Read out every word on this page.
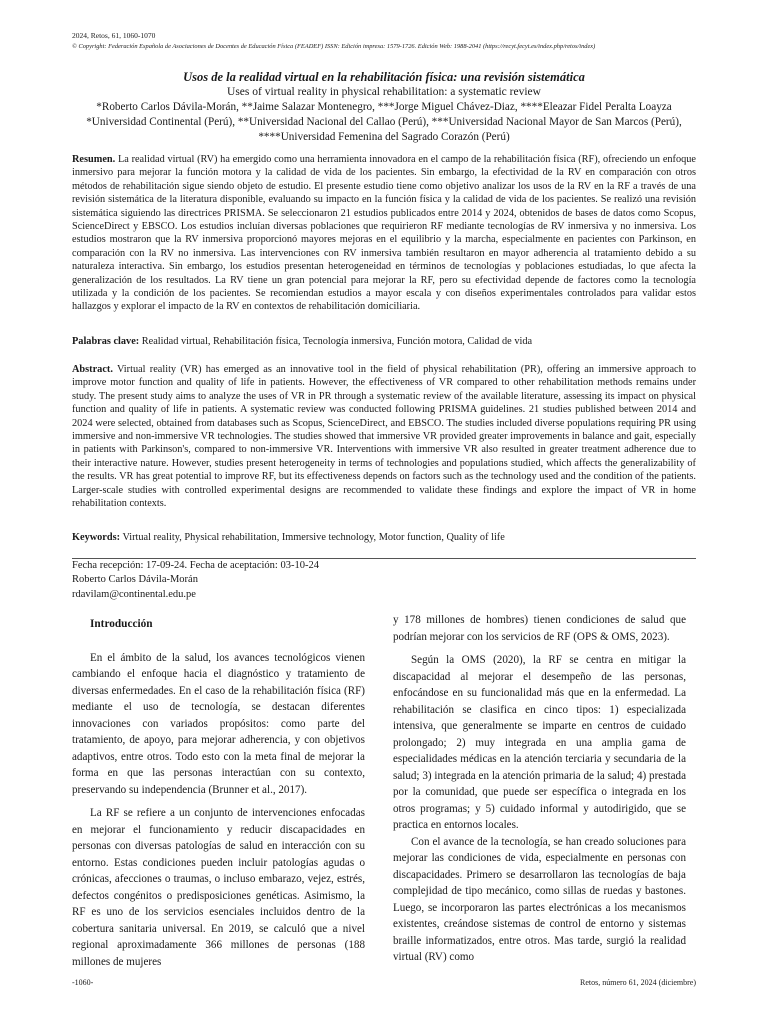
2024, Retos, 61, 1060-1070
© Copyright: Federación Española de Asociaciones de Docentes de Educación Física (FEADEF) ISSN: Edición impresa: 1579-1726. Edición Web: 1988-2041 (https://recyt.fecyt.es/index.php/retos/index)
Usos de la realidad virtual en la rehabilitación física: una revisión sistemática
Uses of virtual reality in physical rehabilitation: a systematic review
*Roberto Carlos Dávila-Morán, **Jaime Salazar Montenegro, ***Jorge Miguel Chávez-Diaz, ****Eleazar Fidel Peralta Loayza
*Universidad Continental (Perú), **Universidad Nacional del Callao (Perú), ***Universidad Nacional Mayor de San Marcos (Perú),
****Universidad Femenina del Sagrado Corazón (Perú)
Resumen. La realidad virtual (RV) ha emergido como una herramienta innovadora en el campo de la rehabilitación física (RF), ofreciendo un enfoque inmersivo para mejorar la función motora y la calidad de vida de los pacientes. Sin embargo, la efectividad de la RV en comparación con otros métodos de rehabilitación sigue siendo objeto de estudio. El presente estudio tiene como objetivo analizar los usos de la RV en la RF a través de una revisión sistemática de la literatura disponible, evaluando su impacto en la función física y la calidad de vida de los pacientes. Se realizó una revisión sistemática siguiendo las directrices PRISMA. Se seleccionaron 21 estudios publicados entre 2014 y 2024, obtenidos de bases de datos como Scopus, ScienceDirect y EBSCO. Los estudios incluían diversas poblaciones que requirieron RF mediante tecnologías de RV inmersiva y no inmersiva. Los estudios mostraron que la RV inmersiva proporcionó mayores mejoras en el equilibrio y la marcha, especialmente en pacientes con Parkinson, en comparación con la RV no inmersiva. Las intervenciones con RV inmersiva también resultaron en mayor adherencia al tratamiento debido a su naturaleza interactiva. Sin embargo, los estudios presentan heterogeneidad en términos de tecnologías y poblaciones estudiadas, lo que afecta la generalización de los resultados. La RV tiene un gran potencial para mejorar la RF, pero su efectividad depende de factores como la tecnología utilizada y la condición de los pacientes. Se recomiendan estudios a mayor escala y con diseños experimentales controlados para validar estos hallazgos y explorar el impacto de la RV en contextos de rehabilitación domiciliaria.
Palabras clave: Realidad virtual, Rehabilitación física, Tecnología inmersiva, Función motora, Calidad de vida
Abstract. Virtual reality (VR) has emerged as an innovative tool in the field of physical rehabilitation (PR), offering an immersive approach to improve motor function and quality of life in patients. However, the effectiveness of VR compared to other rehabilitation methods remains under study. The present study aims to analyze the uses of VR in PR through a systematic review of the available literature, assessing its impact on physical function and quality of life in patients. A systematic review was conducted following PRISMA guidelines. 21 studies published between 2014 and 2024 were selected, obtained from databases such as Scopus, ScienceDirect, and EBSCO. The studies included diverse populations requiring PR using immersive and non-immersive VR technologies. The studies showed that immersive VR provided greater improvements in balance and gait, especially in patients with Parkinson's, compared to non-immersive VR. Interventions with immersive VR also resulted in greater treatment adherence due to their interactive nature. However, studies present heterogeneity in terms of technologies and populations studied, which affects the generalizability of the results. VR has great potential to improve RF, but its effectiveness depends on factors such as the technology used and the condition of the patients. Larger-scale studies with controlled experimental designs are recommended to validate these findings and explore the impact of VR in home rehabilitation contexts.
Keywords: Virtual reality, Physical rehabilitation, Immersive technology, Motor function, Quality of life
Fecha recepción: 17-09-24. Fecha de aceptación: 03-10-24
Roberto Carlos Dávila-Morán
rdavilam@continental.edu.pe

Introducción

En el ámbito de la salud, los avances tecnológicos vienen cambiando el enfoque hacia el diagnóstico y tratamiento de diversas enfermedades. En el caso de la rehabilitación física (RF) mediante el uso de tecnología, se destacan diferentes innovaciones con variados propósitos: como parte del tratamiento, de apoyo, para mejorar adherencia, y con objetivos adaptivos, entre otros. Todo esto con la meta final de mejorar la forma en que las personas interactúan con su contexto, preservando su independencia (Brunner et al., 2017).

La RF se refiere a un conjunto de intervenciones enfocadas en mejorar el funcionamiento y reducir discapacidades en personas con diversas patologías de salud en interacción con su entorno. Estas condiciones pueden incluir patologías agudas o crónicas, afecciones o traumas, o incluso embarazo, vejez, estrés, defectos congénitos o predisposiciones genéticas. Asimismo, la RF es uno de los servicios esenciales incluidos dentro de la cobertura sanitaria universal. En 2019, se calculó que a nivel regional aproximadamente 366 millones de personas (188 millones de mujeres

y 178 millones de hombres) tienen condiciones de salud que podrían mejorar con los servicios de RF (OPS & OMS, 2023).

Según la OMS (2020), la RF se centra en mitigar la discapacidad al mejorar el desempeño de las personas, enfocándose en su funcionalidad más que en la enfermedad. La rehabilitación se clasifica en cinco tipos: 1) especializada intensiva, que generalmente se imparte en centros de cuidado prolongado; 2) muy integrada en una amplia gama de especialidades médicas en la atención terciaria y secundaria de la salud; 3) integrada en la atención primaria de la salud; 4) prestada por la comunidad, que puede ser específica o integrada en los otros programas; y 5) cuidado informal y autodirigido, que se practica en entornos locales.

Con el avance de la tecnología, se han creado soluciones para mejorar las condiciones de vida, especialmente en personas con discapacidades. Primero se desarrollaron las tecnologías de baja complejidad de tipo mecánico, como sillas de ruedas y bastones. Luego, se incorporaron las partes electrónicas a los mecanismos existentes, creándose sistemas de control de entorno y sistemas braille informatizados, entre otros. Mas tarde, surgió la realidad virtual (RV) como

-1060-	Retos, número 61, 2024 (diciembre)
